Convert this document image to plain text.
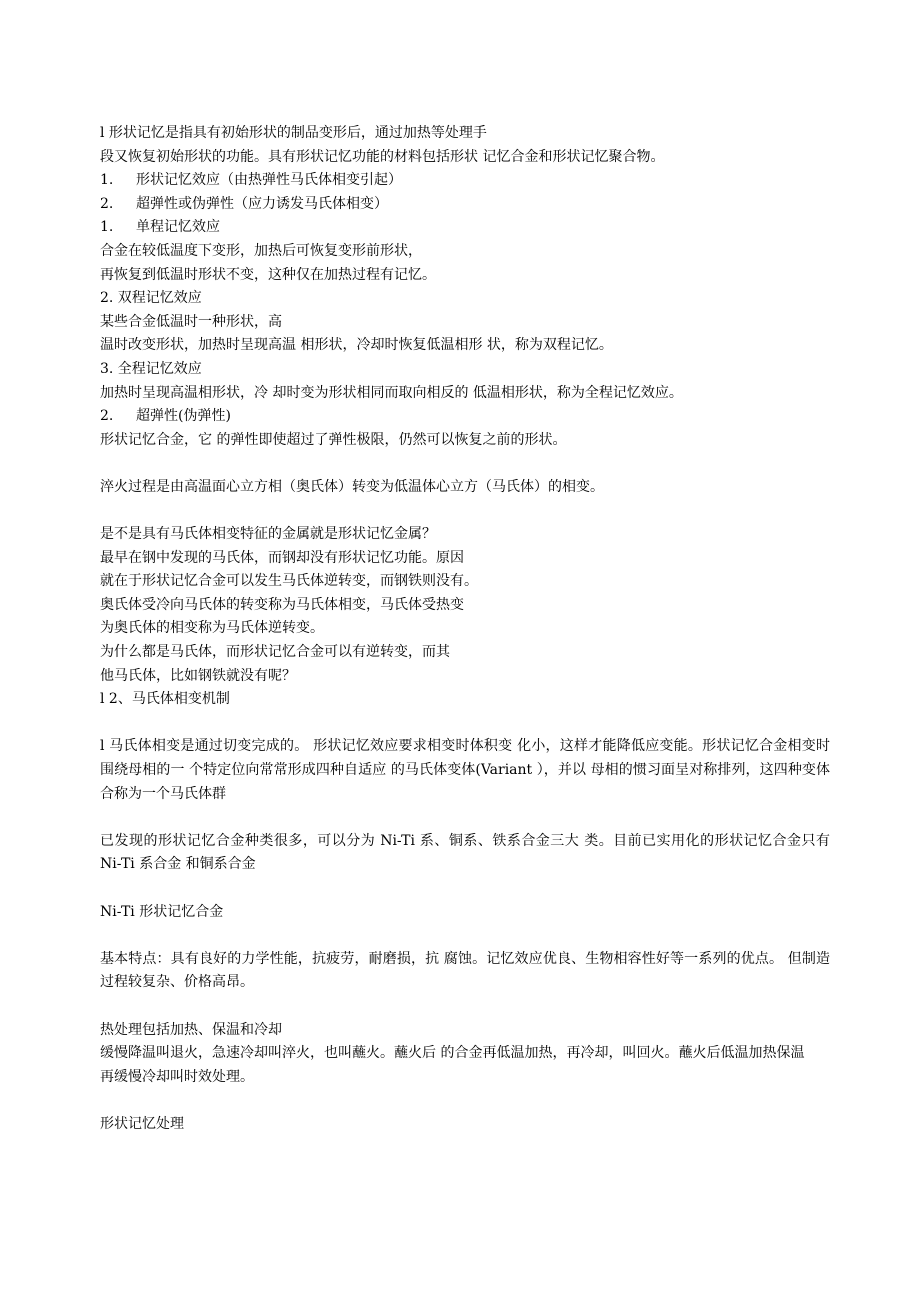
l 形状记忆是指具有初始形状的制品变形后，通过加热等处理手
段又恢复初始形状的功能。具有形状记忆功能的材料包括形状 记忆合金和形状记忆聚合物。
1. 形状记忆效应（由热弹性马氏体相变引起）
2. 超弹性或伪弹性（应力诱发马氏体相变）
1. 单程记忆效应
合金在较低温度下变形，加热后可恢复变形前形状，
再恢复到低温时形状不变，这种仅在加热过程有记忆。
2. 双程记忆效应
某些合金低温时一种形状，高
温时改变形状，加热时呈现高温 相形状，冷却时恢复低温相形 状，称为双程记忆。
3. 全程记忆效应
加热时呈现高温相形状，冷 却时变为形状相同而取向相反的 低温相形状，称为全程记忆效应。
2. 超弹性(伪弹性)
形状记忆合金，它 的弹性即使超过了弹性极限，仍然可以恢复之前的形状。
淬火过程是由高温面心立方相（奥氏体）转变为低温体心立方（马氏体）的相变。
是不是具有马氏体相变特征的金属就是形状记忆金属？
最早在钢中发现的马氏体，而钢却没有形状记忆功能。原因
就在于形状记忆合金可以发生马氏体逆转变，而钢铁则没有。
奥氏体受冷向马氏体的转变称为马氏体相变，马氏体受热变
为奥氏体的相变称为马氏体逆转变。
为什么都是马氏体，而形状记忆合金可以有逆转变，而其
他马氏体，比如钢铁就没有呢？
l 2、马氏体相变机制
l 马氏体相变是通过切变完成的。 形状记忆效应要求相变时体积变 化小，这样才能降低应变能。形状记忆合金相变时围绕母相的一 个特定位向常常形成四种自适应 的马氏体变体(Variant ），并以 母相的惯习面呈对称排列，这四种变体合称为一个马氏体群
已发现的形状记忆合金种类很多，可以分为 Ni-Ti 系、铜系、铁系合金三大 类。目前已实用化的形状记忆合金只有 Ni-Ti 系合金 和铜系合金
Ni-Ti 形状记忆合金
基本特点：具有良好的力学性能，抗疲劳，耐磨损，抗 腐蚀。记忆效应优良、生物相容性好等一系列的优点。 但制造过程较复杂、价格高昂。
热处理包括加热、保温和冷却
缓慢降温叫退火，急速冷却叫淬火，也叫蘸火。蘸火后 的合金再低温加热，再冷却，叫回火。蘸火后低温加热保温
再缓慢冷却叫时效处理。
形状记忆处理
